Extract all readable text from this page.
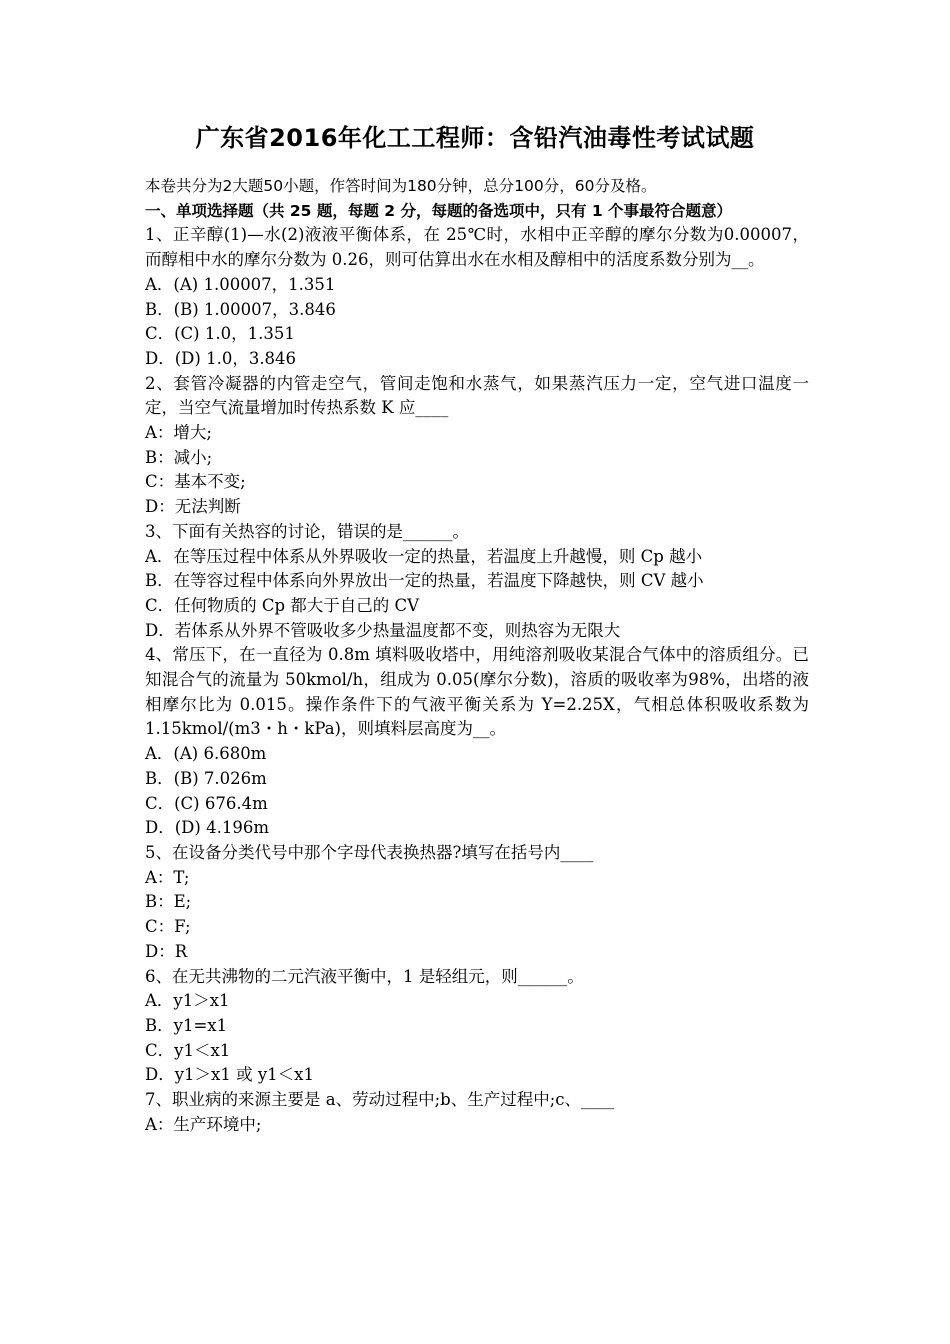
广东省2016年化工工程师：含铅汽油毒性考试试题

本卷共分为2大题50小题，作答时间为180分钟，总分100分，60分及格。

一、单项选择题（共 25 题，每题 2 分，每题的备选项中，只有 1 个事最符合题意）

1、正辛醇(1)—水(2)液液平衡体系，在 25℃时，水相中正辛醇的摩尔分数为0.00007，而醇相中水的摩尔分数为 0.26，则可估算出水在水相及醇相中的活度系数分别为__。

A．(A) 1.00007，1.351

B．(B) 1.00007，3.846

C．(C) 1.0，1.351

D．(D) 1.0，3.846

2、套管冷凝器的内管走空气，管间走饱和水蒸气，如果蒸汽压力一定，空气进口温度一定，当空气流量增加时传热系数 K 应____

A：增大;

B：减小;

C：基本不变;

D：无法判断

3、下面有关热容的讨论，错误的是______。

A．在等压过程中体系从外界吸收一定的热量，若温度上升越慢，则 Cp 越小

B．在等容过程中体系向外界放出一定的热量，若温度下降越快，则 CV 越小

C．任何物质的 Cp 都大于自己的 CV

D．若体系从外界不管吸收多少热量温度都不变，则热容为无限大

4、常压下，在一直径为 0.8m 填料吸收塔中，用纯溶剂吸收某混合气体中的溶质组分。已知混合气的流量为 50kmol/h，组成为 0.05(摩尔分数)，溶质的吸收率为98%，出塔的液相摩尔比为 0.015。操作条件下的气液平衡关系为 Y=2.25X，气相总体积吸收系数为 1.15kmol/(m3・h・kPa)，则填料层高度为__。

A．(A) 6.680m

B．(B) 7.026m

C．(C) 676.4m

D．(D) 4.196m

5、在设备分类代号中那个字母代表换热器?填写在括号内____

A：T;

B：E;

C：F;

D：R

6、在无共沸物的二元汽液平衡中，1 是轻组元，则______。

A．y1＞x1

B．y1=x1

C．y1＜x1

D．y1＞x1 或 y1＜x1

7、职业病的来源主要是 a、劳动过程中;b、生产过程中;c、____

A：生产环境中;
